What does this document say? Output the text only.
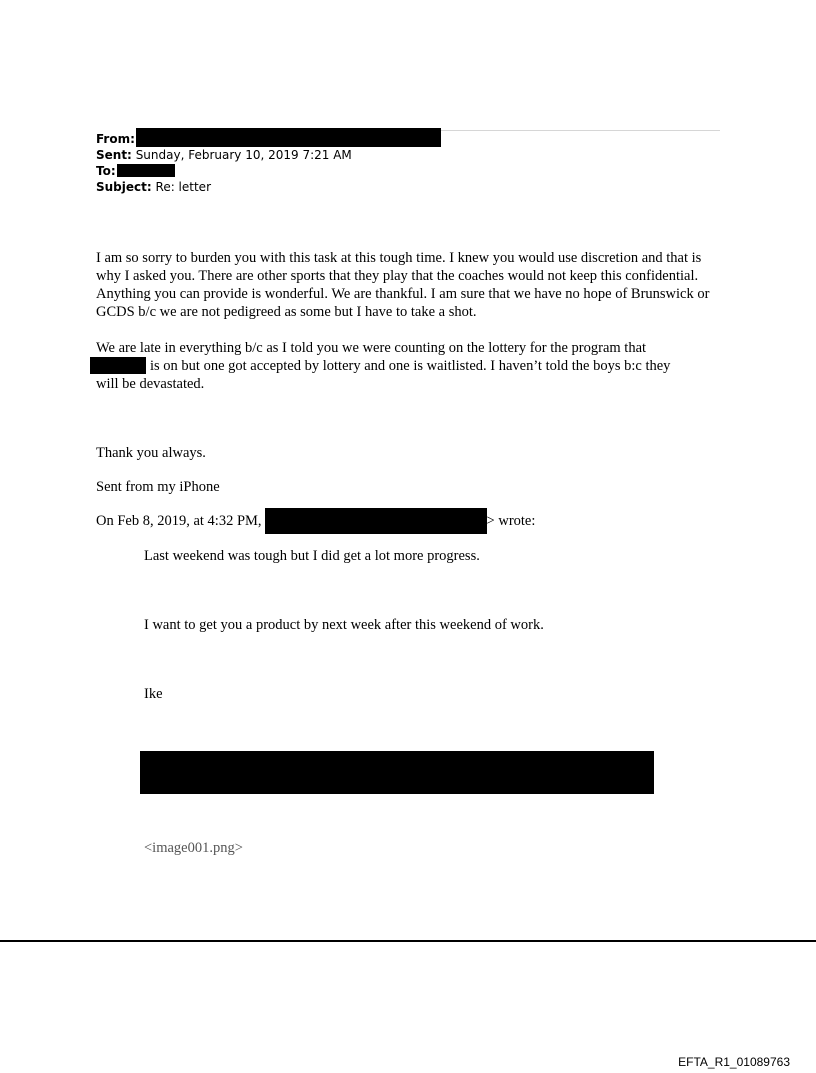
From:
Sent: Sunday, February 10, 2019 7:21 AM
To:
Subject: Re: letter

I am so sorry to burden you with this task at this tough time. I knew you would use discretion and that is why I asked you. There are other sports that they play that the coaches would not keep this confidential. Anything you can provide is wonderful. We are thankful. I am sure that we have no hope of Brunswick or GCDS b/c we are not pedigreed as some but I have to take a shot.

We are late in everything b/c as I told you we were counting on the lottery for the program that
is on but one got accepted by lottery and one is waitlisted. I haven’t told the boys b:c they
will be devastated.

Thank you always.

Sent from my iPhone

On Feb 8, 2019, at 4:32 PM,	> wrote:

Last weekend was tough but I did get a lot more progress.

I want to get you a product by next week after this weekend of work.

Ike

<image001.png>

EFTA_R1_01089763
